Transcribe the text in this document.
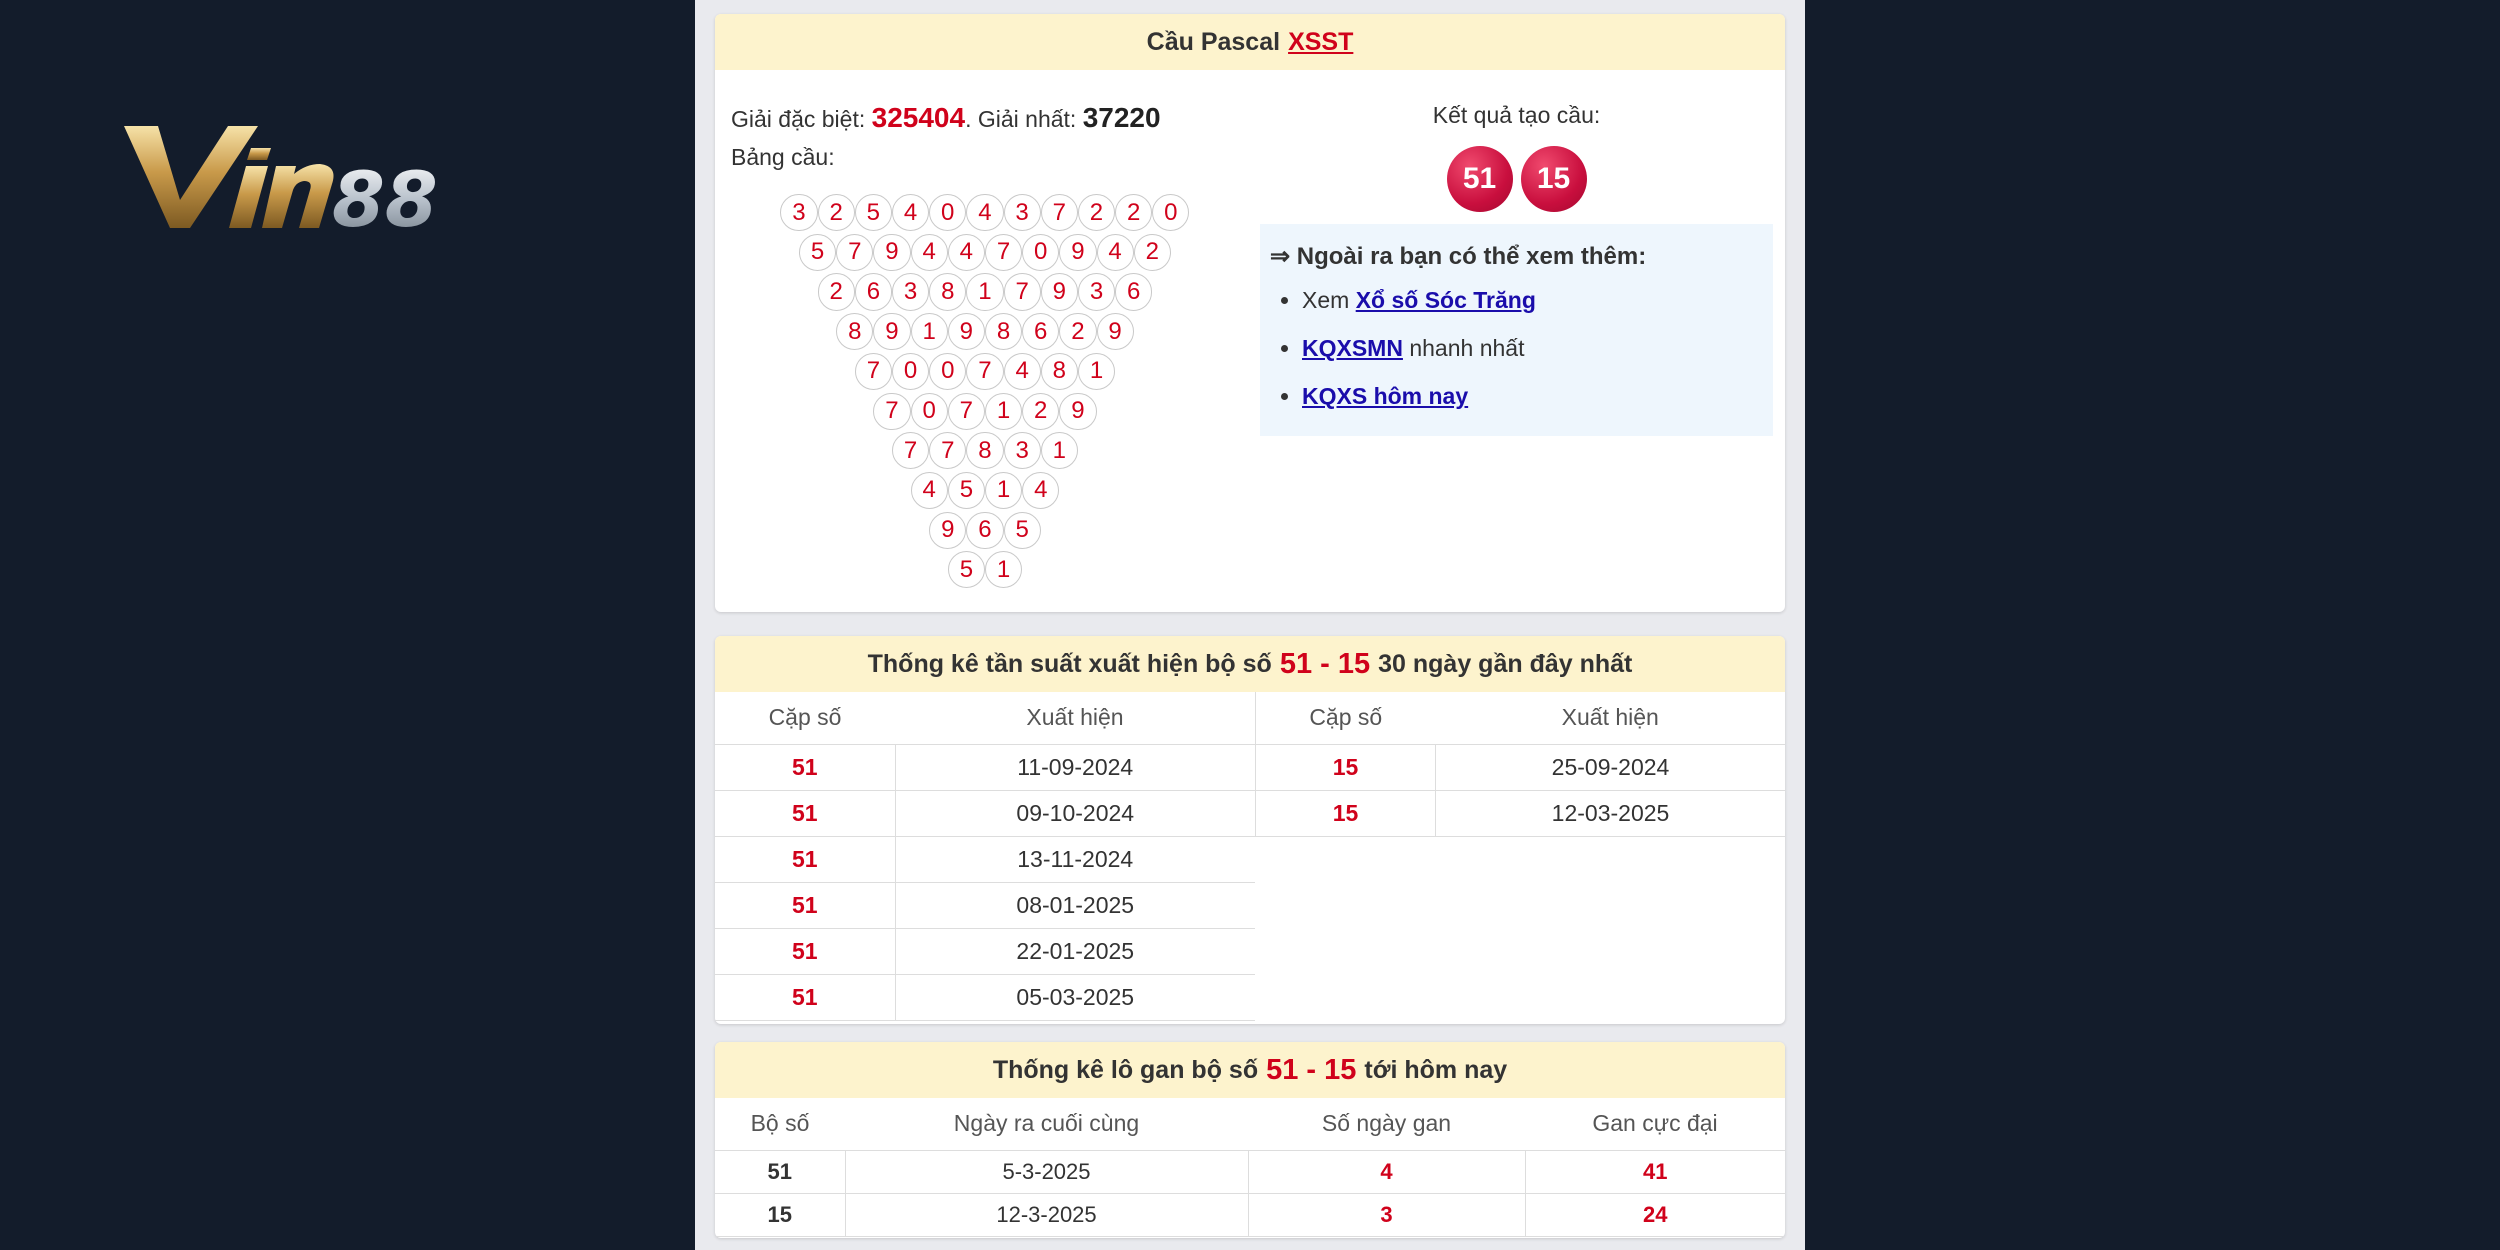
88
Cầu Pascal XSST
Giải đặc biệt: 325404. Giải nhất: 37220
Bảng cầu:
3 2 5 4 0 4 3 7 2 2 0
5 7 9 4 4 7 0 9 4 2
2 6 3 8 1 7 9 3 6
8 9 1 9 8 6 2 9
7 0 0 7 4 8 1
7 0 7 1 2 9
7 7 8 3 1
4 5 1 4
9 6 5
5 1
Kết quả tạo cầu:
51	15
⇒ Ngoài ra bạn có thể xem thêm:
• Xem Xổ số Sóc Trăng
• KQXSMN nhanh nhất
• KQXS hôm nay
Thống kê tần suất xuất hiện bộ số 51 - 15 30 ngày gần đây nhất
Cặp số	Xuất hiện
51	11-09-2024
51	09-10-2024
51	13-11-2024
51	08-01-2025
51	22-01-2025
51	05-03-2025
Cặp số	Xuất hiện
15	25-09-2024
15	12-03-2025
Thống kê lô gan bộ số 51 - 15 tới hôm nay
Bộ số	Ngày ra cuối cùng	Số ngày gan	Gan cực đại
51	5-3-2025	4	41
15	12-3-2025	3	24
